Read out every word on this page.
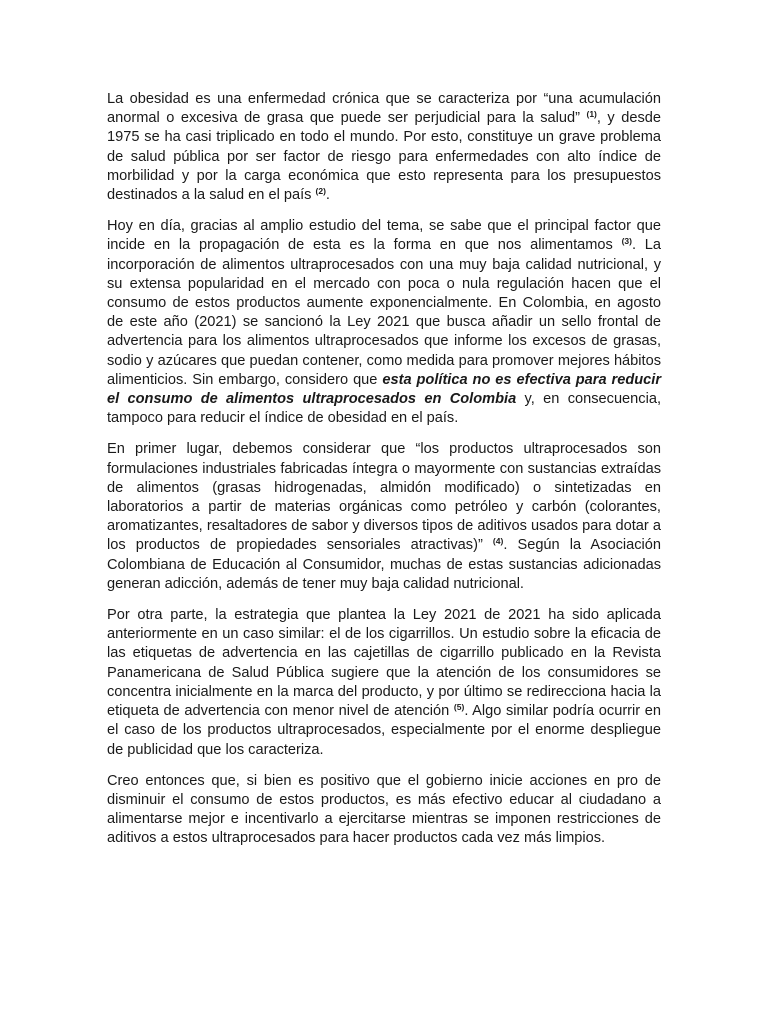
La obesidad es una enfermedad crónica que se caracteriza por “una acumulación anormal o excesiva de grasa que puede ser perjudicial para la salud” $^{(1)}$, y desde 1975 se ha casi triplicado en todo el mundo. Por esto, constituye un grave problema de salud pública por ser factor de riesgo para enfermedades con alto índice de morbilidad y por la carga económica que esto representa para los presupuestos destinados a la salud en el país $^{(2)}$.

Hoy en día, gracias al amplio estudio del tema, se sabe que el principal factor que incide en la propagación de esta es la forma en que nos alimentamos $^{(3)}$. La incorporación de alimentos ultraprocesados con una muy baja calidad nutricional, y su extensa popularidad en el mercado con poca o nula regulación hacen que el consumo de estos productos aumente exponencialmente. En Colombia, en agosto de este año (2021) se sancionó la Ley 2021 que busca añadir un sello frontal de advertencia para los alimentos ultraprocesados que informe los excesos de grasas, sodio y azúcares que puedan contener, como medida para promover mejores hábitos alimenticios. Sin embargo, considero que esta política no es efectiva para reducir el consumo de alimentos ultraprocesados en Colombia y, en consecuencia, tampoco para reducir el índice de obesidad en el país.

En primer lugar, debemos considerar que “los productos ultraprocesados son formulaciones industriales fabricadas íntegra o mayormente con sustancias extraídas de alimentos (grasas hidrogenadas, almidón modificado) o sintetizadas en laboratorios a partir de materias orgánicas como petróleo y carbón (colorantes, aromatizantes, resaltadores de sabor y diversos tipos de aditivos usados para dotar a los productos de propiedades sensoriales atractivas)” $^{(4)}$. Según la Asociación Colombiana de Educación al Consumidor, muchas de estas sustancias adicionadas generan adicción, además de tener muy baja calidad nutricional.

Por otra parte, la estrategia que plantea la Ley 2021 de 2021 ha sido aplicada anteriormente en un caso similar: el de los cigarrillos. Un estudio sobre la eficacia de las etiquetas de advertencia en las cajetillas de cigarrillo publicado en la Revista Panamericana de Salud Pública sugiere que la atención de los consumidores se concentra inicialmente en la marca del producto, y por último se redirecciona hacia la etiqueta de advertencia con menor nivel de atención $^{(5)}$. Algo similar podría ocurrir en el caso de los productos ultraprocesados, especialmente por el enorme despliegue de publicidad que los caracteriza.

Creo entonces que, si bien es positivo que el gobierno inicie acciones en pro de disminuir el consumo de estos productos, es más efectivo educar al ciudadano a alimentarse mejor e incentivarlo a ejercitarse mientras se imponen restricciones de aditivos a estos ultraprocesados para hacer productos cada vez más limpios.
